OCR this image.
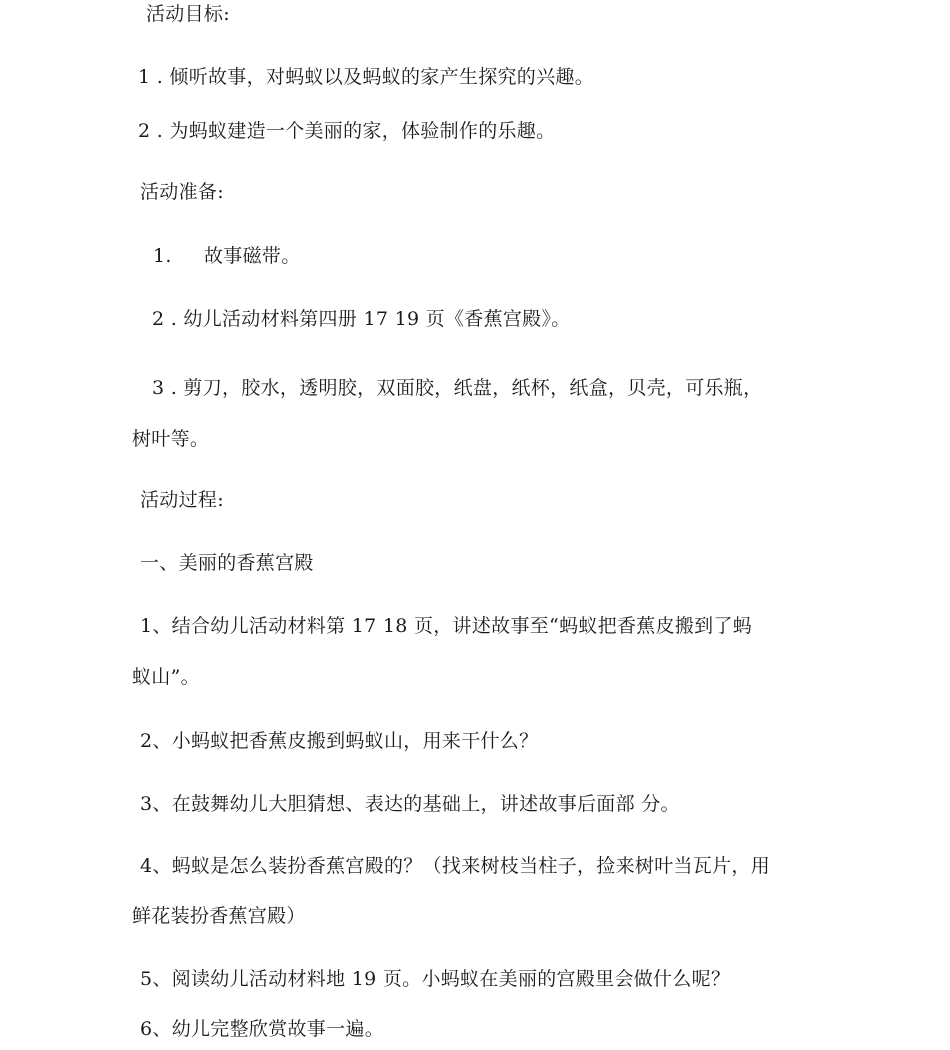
活动目标:
1 . 倾听故事，对蚂蚁以及蚂蚁的家产生探究的兴趣。
2 . 为蚂蚁建造一个美丽的家，体验制作的乐趣。
活动准备:
1. 故事磁带。
2 . 幼儿活动材料第四册 17 19 页《香蕉宫殿》。
3 . 剪刀，胶水，透明胶，双面胶，纸盘，纸杯，纸盒，贝壳，可乐瓶，
树叶等。
活动过程:
一、美丽的香蕉宫殿
1、结合幼儿活动材料第 17 18 页，讲述故事至“蚂蚁把香蕉皮搬到了蚂
蚁山”。
2、小蚂蚁把香蕉皮搬到蚂蚁山，用来干什么？
3、在鼓舞幼儿大胆猜想、表达的基础上，讲述故事后面部 分。
4、蚂蚁是怎么装扮香蕉宫殿的？（找来树枝当柱子，捡来树叶当瓦片，用
鲜花装扮香蕉宫殿）
5、阅读幼儿活动材料地 19 页。小蚂蚁在美丽的宫殿里会做什么呢？
6、幼儿完整欣赏故事一遍。
